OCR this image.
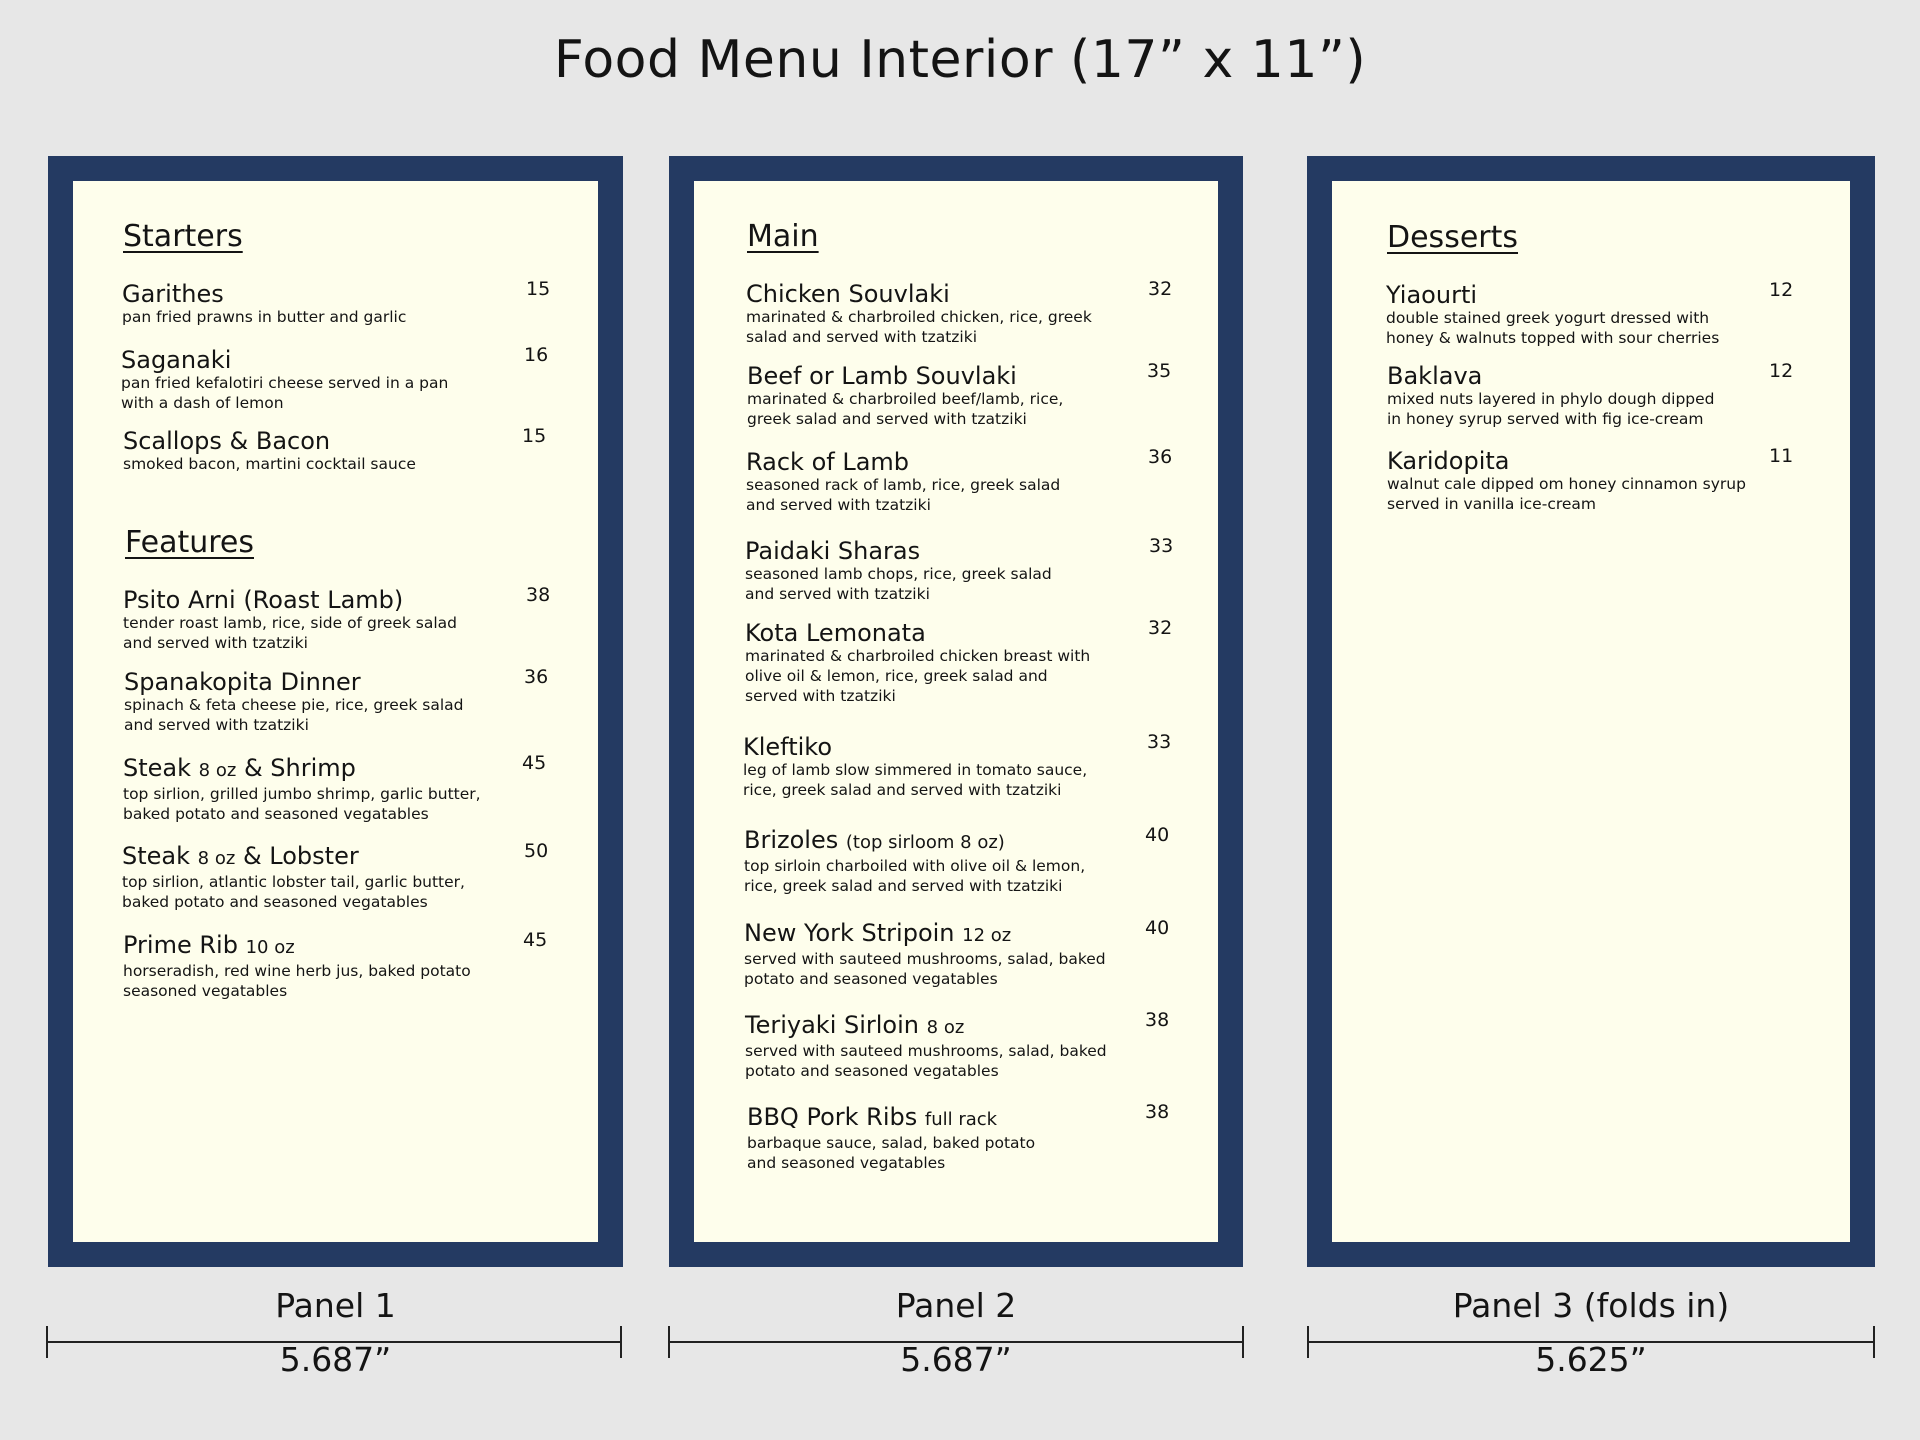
Food Menu Interior (17” x 11”)
Starters
Garithes
pan fried prawns in butter and garlic
15
Saganaki
pan fried kefalotiri cheese served in a pan
with a dash of lemon
16
Scallops & Bacon
smoked bacon, martini cocktail sauce
15
Features
Psito Arni (Roast Lamb)
tender roast lamb, rice, side of greek salad
and served with tzatziki
38
Spanakopita Dinner
spinach & feta cheese pie, rice, greek salad
and served with tzatziki
36
Steak 8 oz & Shrimp
top sirlion, grilled jumbo shrimp, garlic butter,
baked potato and seasoned vegatables
45
Steak 8 oz & Lobster
top sirlion, atlantic lobster tail, garlic butter,
baked potato and seasoned vegatables
50
Prime Rib 10 oz
horseradish, red wine herb jus, baked potato
seasoned vegatables
45
Main
Chicken Souvlaki
marinated & charbroiled chicken, rice, greek
salad and served with tzatziki
32
Beef or Lamb Souvlaki
marinated & charbroiled beef/lamb, rice,
greek salad and served with tzatziki
35
Rack of Lamb
seasoned rack of lamb, rice, greek salad
and served with tzatziki
36
Paidaki Sharas
seasoned lamb chops, rice, greek salad
and served with tzatziki
33
Kota Lemonata
marinated & charbroiled chicken breast with
olive oil & lemon, rice, greek salad and
served with tzatziki
32
Kleftiko
leg of lamb slow simmered in tomato sauce,
rice, greek salad and served with tzatziki
33
Brizoles (top sirloom 8 oz)
top sirloin charboiled with olive oil & lemon,
rice, greek salad and served with tzatziki
40
New York Stripoin 12 oz
served with sauteed mushrooms, salad, baked
potato and seasoned vegatables
40
Teriyaki Sirloin 8 oz
served with sauteed mushrooms, salad, baked
potato and seasoned vegatables
38
BBQ Pork Ribs full rack
barbaque sauce, salad, baked potato
and seasoned vegatables
38
Desserts
Yiaourti
double stained greek yogurt dressed with
honey & walnuts topped with sour cherries
12
Baklava
mixed nuts layered in phylo dough dipped
in honey syrup served with fig ice-cream
12
Karidopita
walnut cale dipped om honey cinnamon syrup
served in vanilla ice-cream
11
Panel 1	Panel 2	Panel 3 (folds in)
5.687”	5.687”	5.625”
